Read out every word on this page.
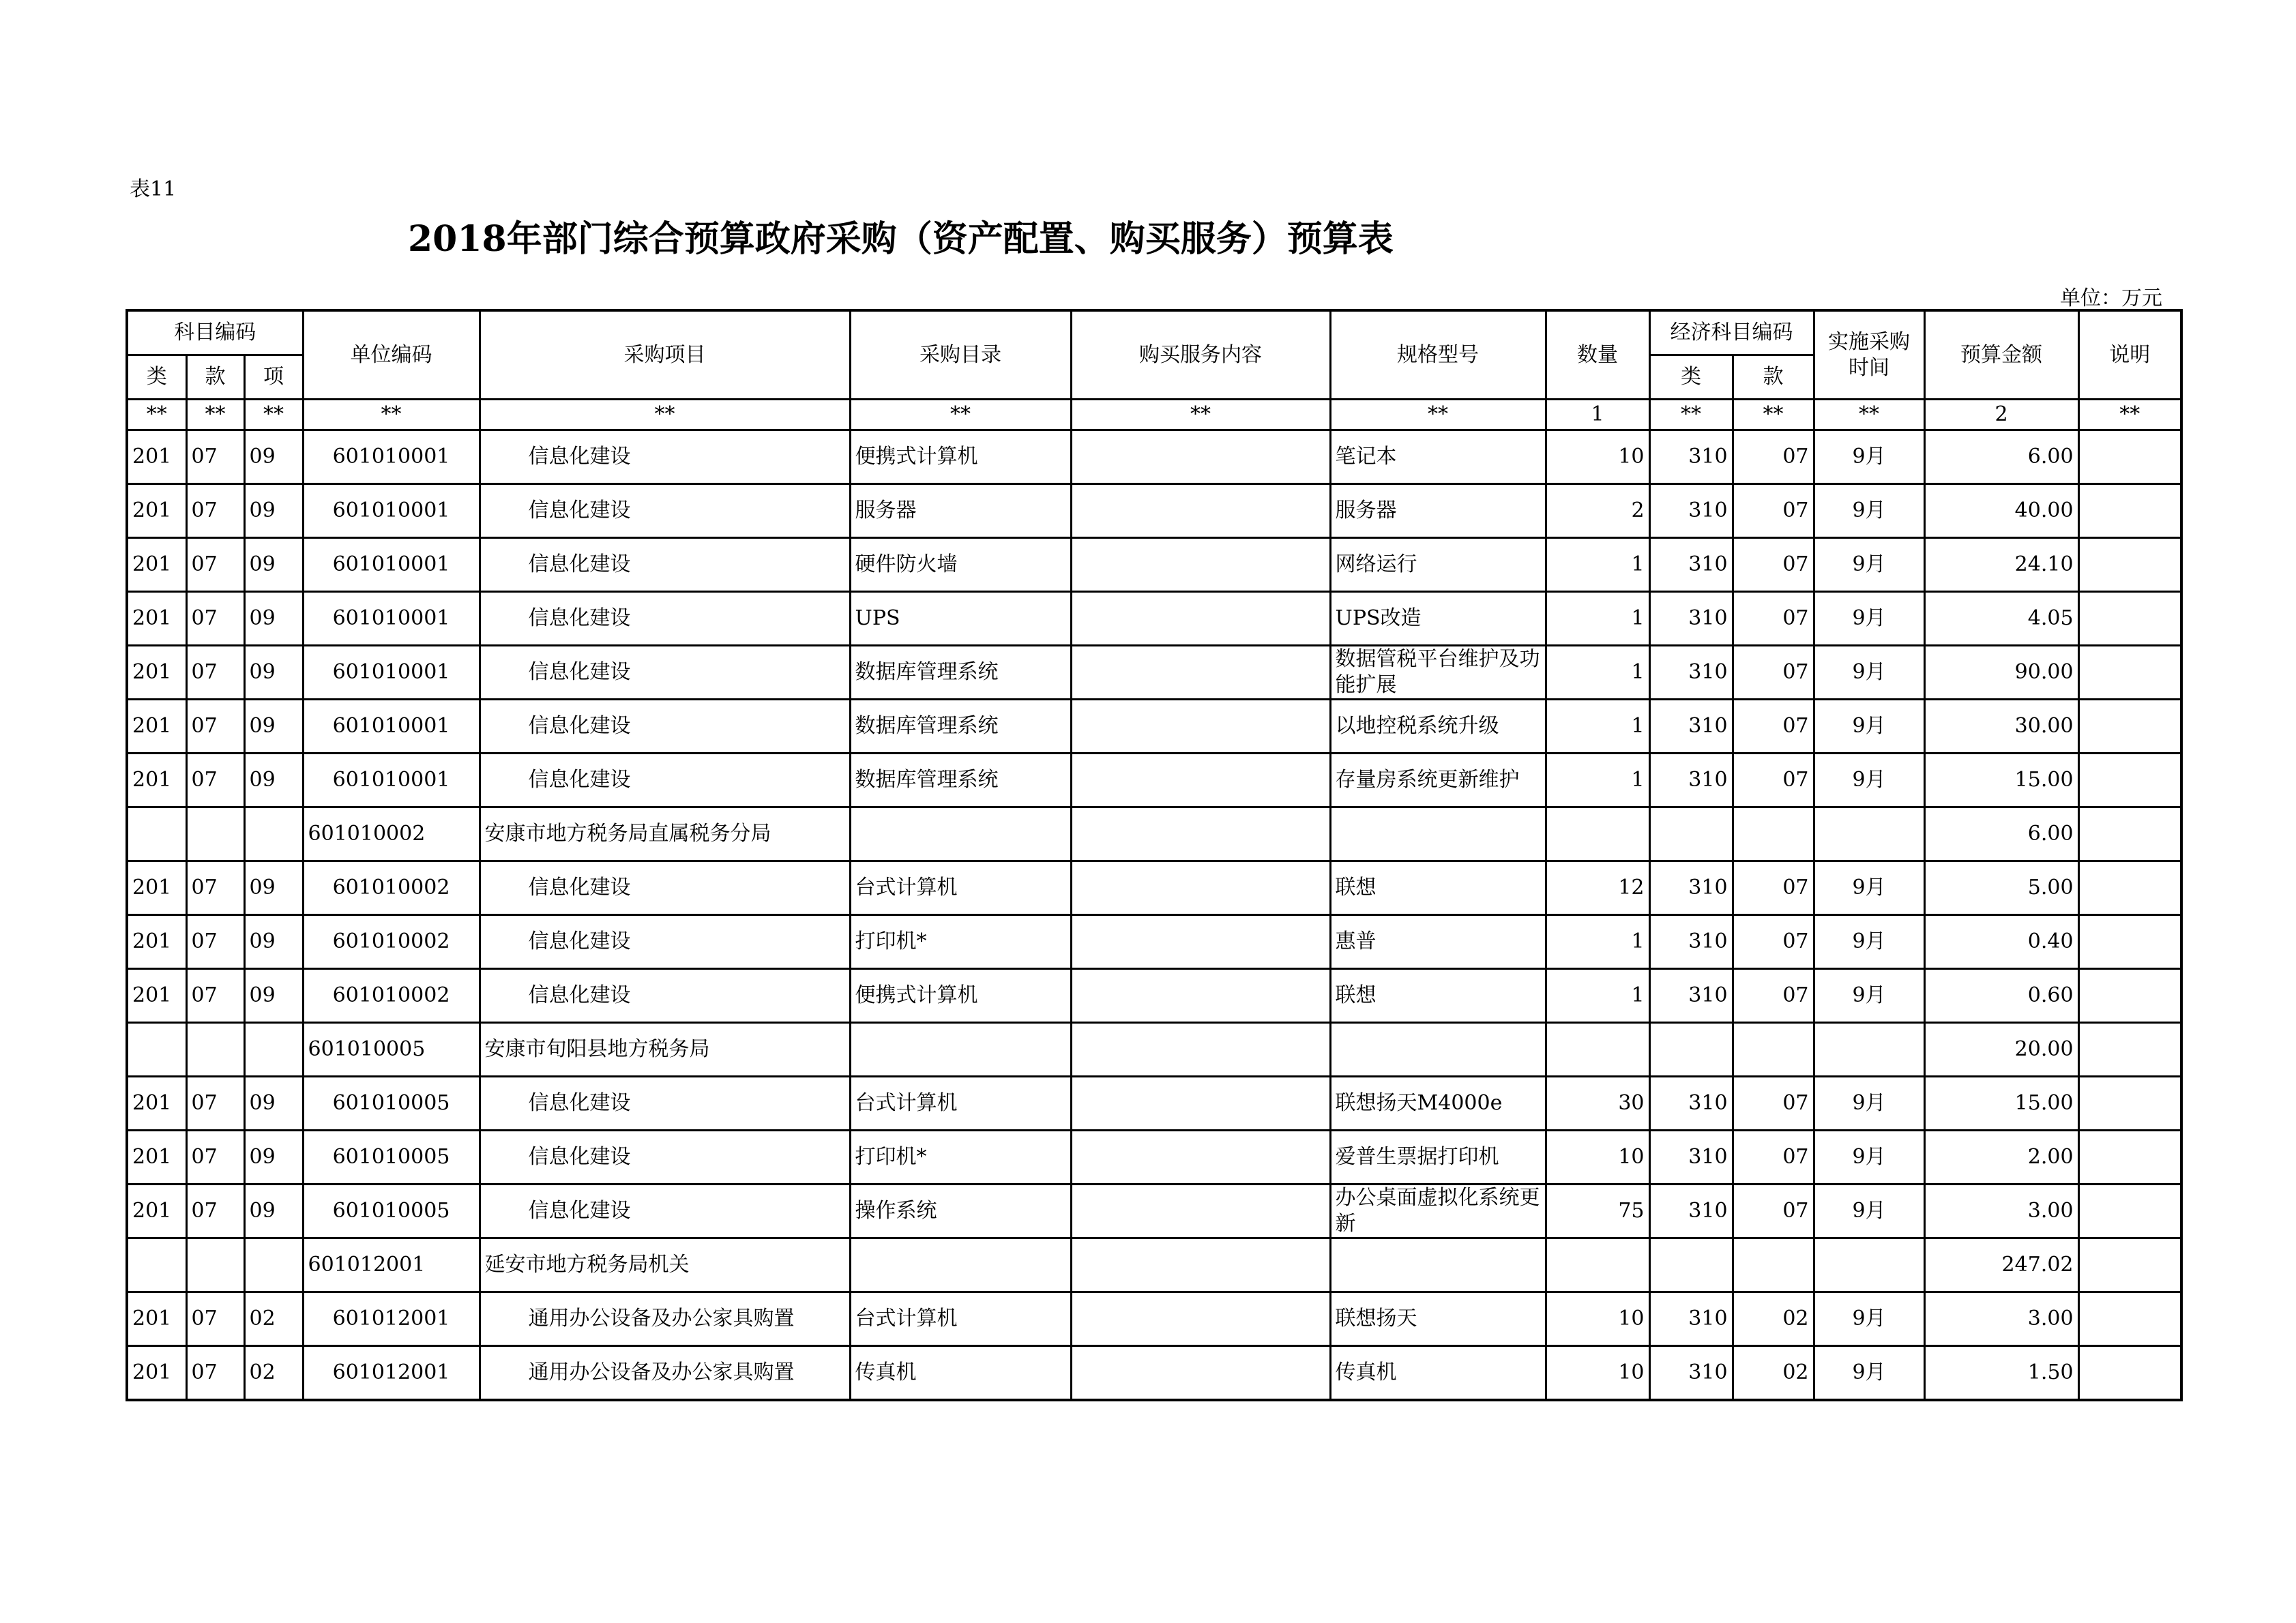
表11
2018年部门综合预算政府采购（资产配置、购买服务）预算表
单位：万元
科目编码			单位编码	采购项目	采购目录	购买服务内容	规格型号	数量	经济科目编码		实施采购时间	预算金额	说明
类	款	项							类	款			
**	**	**	**	**	**	**	**	1	**	**	**	2	**
201	07	09	601010001	信息化建设	便携式计算机		笔记本	10	310	07	9月	6.00	
201	07	09	601010001	信息化建设	服务器		服务器	2	310	07	9月	40.00	
201	07	09	601010001	信息化建设	硬件防火墙		网络运行	1	310	07	9月	24.10	
201	07	09	601010001	信息化建设	UPS		UPS改造	1	310	07	9月	4.05	
201	07	09	601010001	信息化建设	数据库管理系统		数据管税平台维护及功能扩展	1	310	07	9月	90.00	
201	07	09	601010001	信息化建设	数据库管理系统		以地控税系统升级	1	310	07	9月	30.00	
201	07	09	601010001	信息化建设	数据库管理系统		存量房系统更新维护	1	310	07	9月	15.00	
			601010002	安康市地方税务局直属税务分局								6.00	
201	07	09	601010002	信息化建设	台式计算机		联想	12	310	07	9月	5.00	
201	07	09	601010002	信息化建设	打印机*		惠普	1	310	07	9月	0.40	
201	07	09	601010002	信息化建设	便携式计算机		联想	1	310	07	9月	0.60	
			601010005	安康市旬阳县地方税务局								20.00	
201	07	09	601010005	信息化建设	台式计算机		联想扬天M4000e	30	310	07	9月	15.00	
201	07	09	601010005	信息化建设	打印机*		爱普生票据打印机	10	310	07	9月	2.00	
201	07	09	601010005	信息化建设	操作系统		办公桌面虚拟化系统更新	75	310	07	9月	3.00	
			601012001	延安市地方税务局机关								247.02	
201	07	02	601012001	通用办公设备及办公家具购置	台式计算机		联想扬天	10	310	02	9月	3.00	
201	07	02	601012001	通用办公设备及办公家具购置	传真机		传真机	10	310	02	9月	1.50	
